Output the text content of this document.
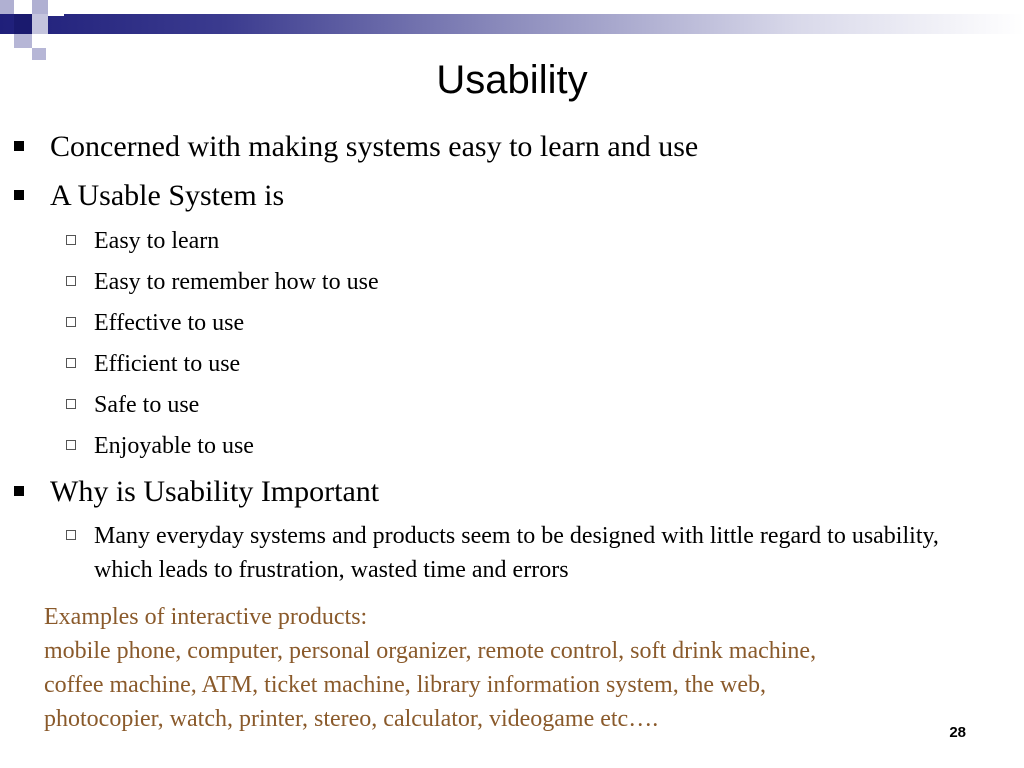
Usability
Concerned with making systems easy to learn and use
A Usable System is
Easy to learn
Easy to remember how to use
Effective to use
Efficient to use
Safe to use
Enjoyable to use
Why is Usability Important
Many everyday systems and products seem to be designed with little regard to usability, which leads to frustration, wasted time and errors
Examples of interactive products:
mobile phone, computer, personal organizer, remote control, soft drink machine,
coffee machine, ATM, ticket machine, library information system, the web,
photocopier, watch, printer, stereo, calculator, videogame etc….
28
